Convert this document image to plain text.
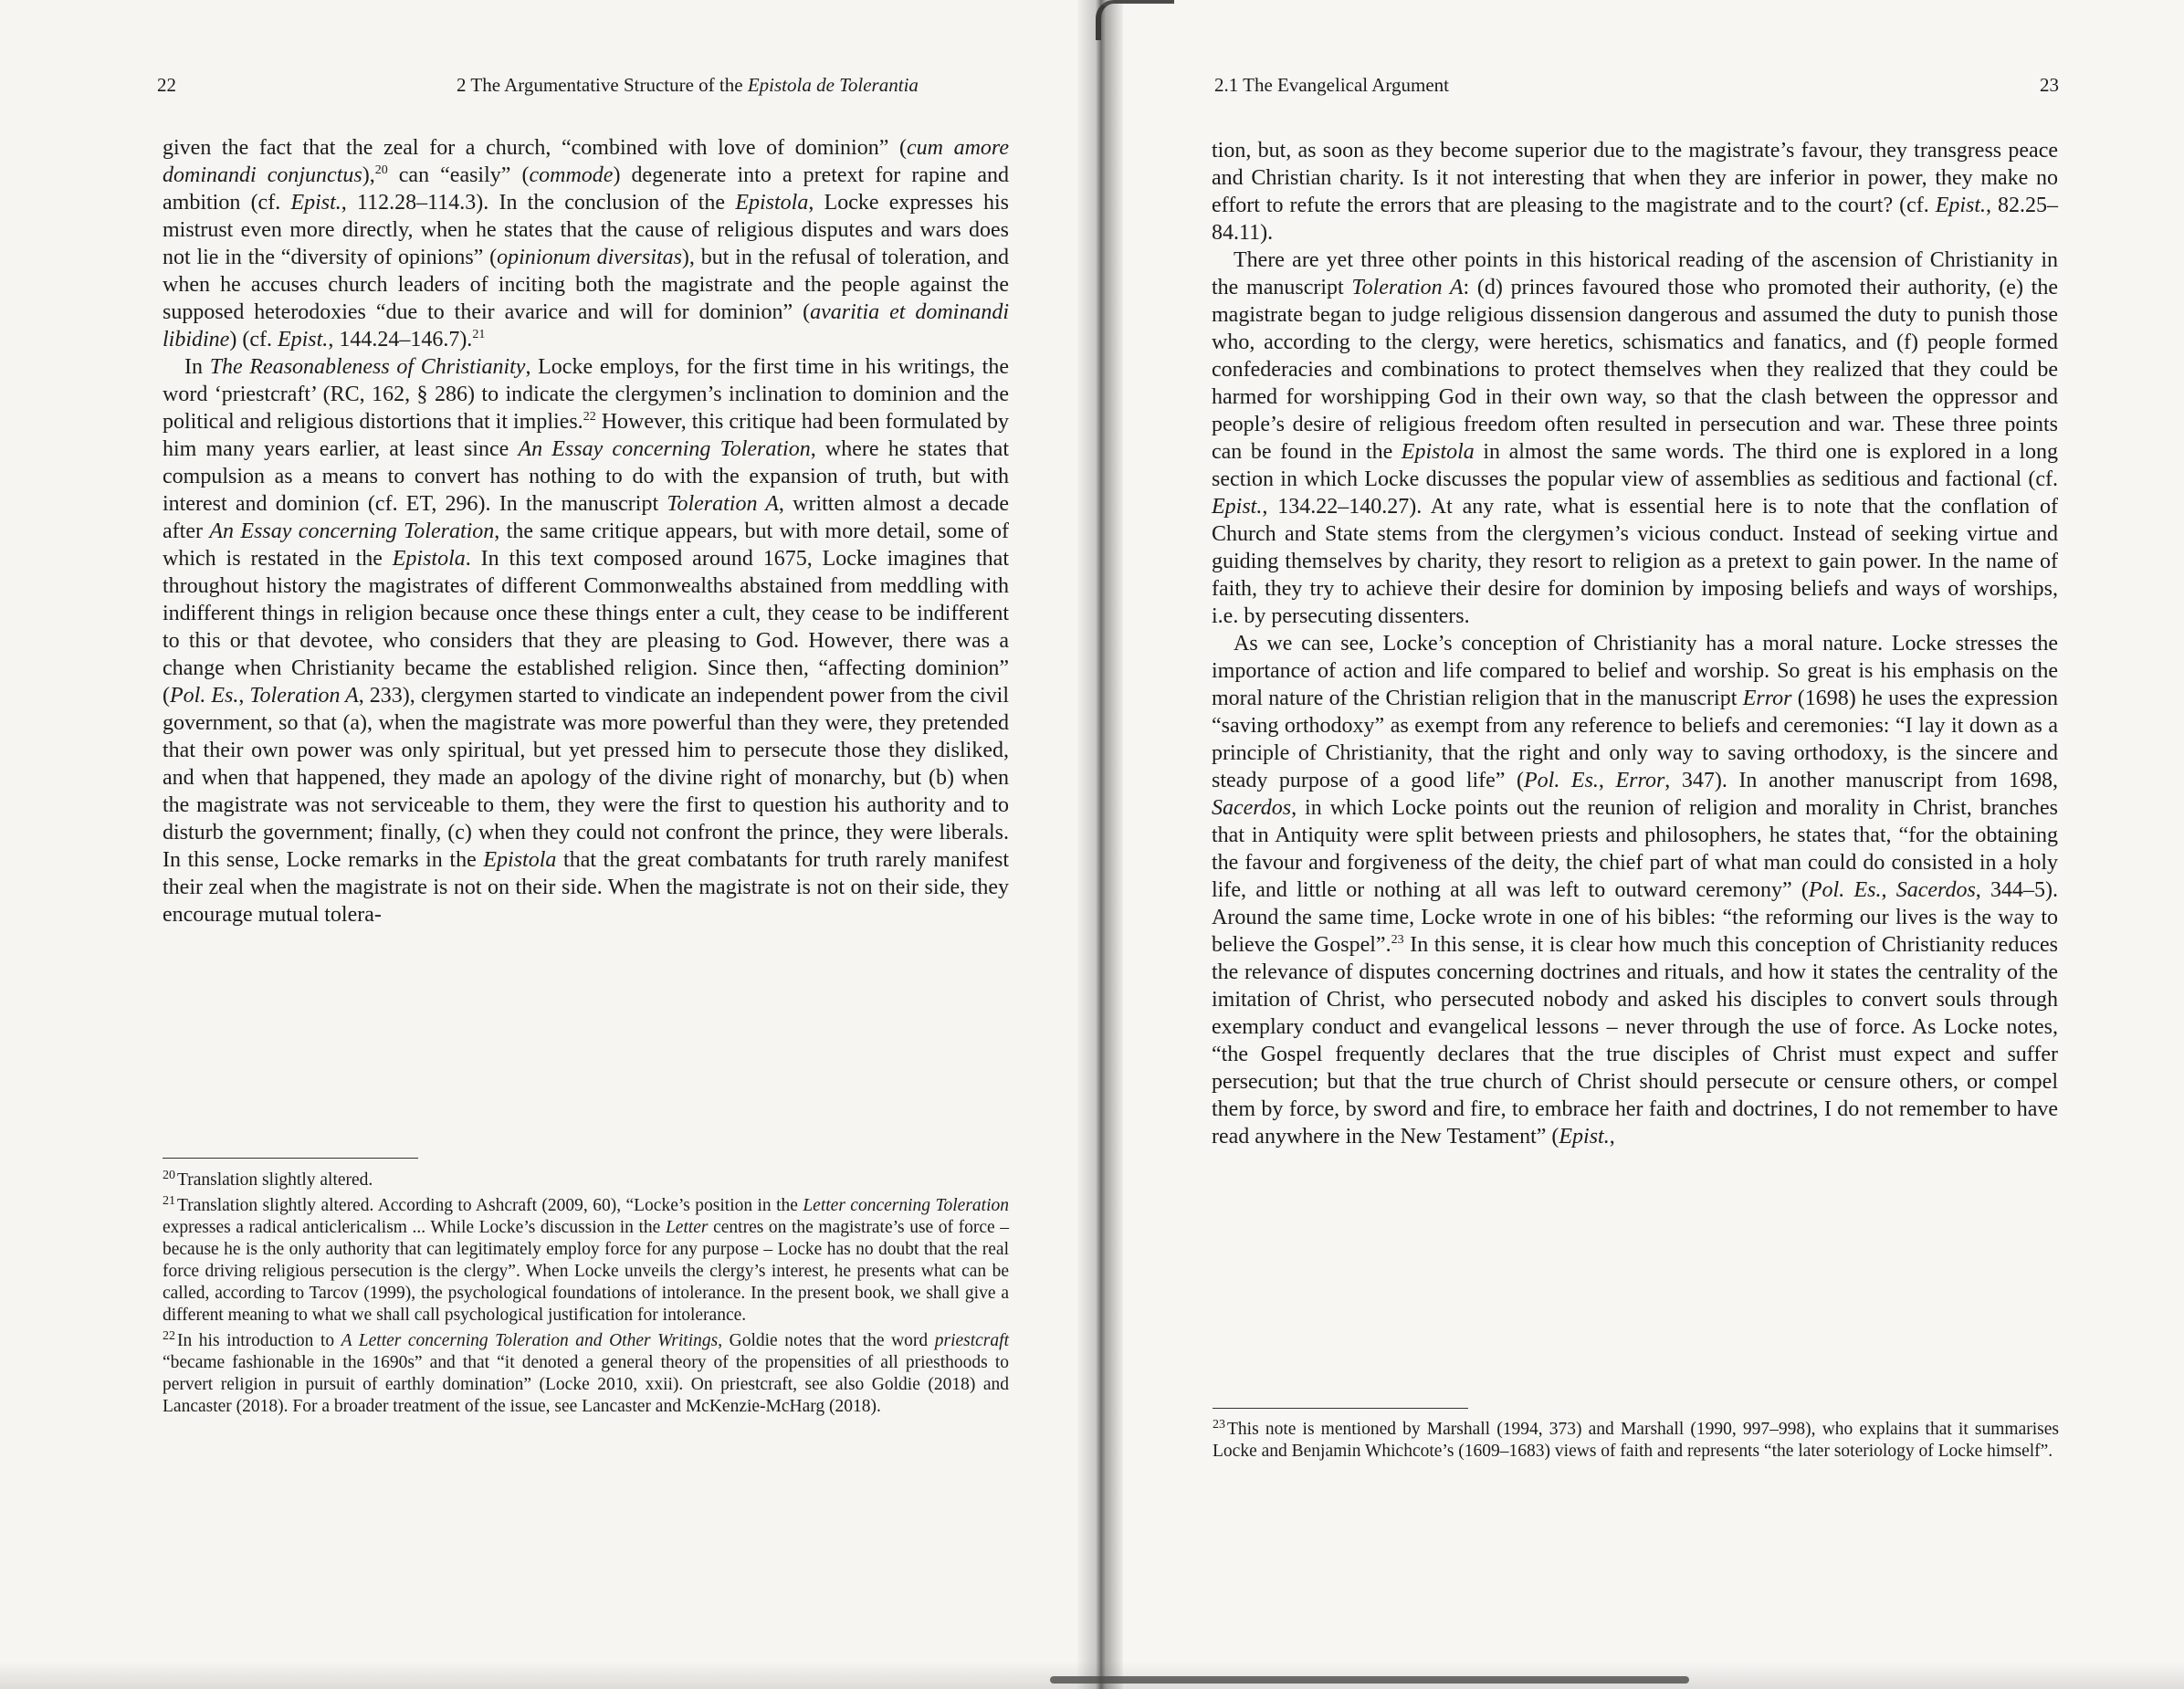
22	2 The Argumentative Structure of the Epistola de Tolerantia

given the fact that the zeal for a church, “combined with love of dominion” (cum amore dominandi conjunctus),$^{20}$ can “easily” (commode) degenerate into a pretext for rapine and ambition (cf. Epist., 112.28–114.3). In the conclusion of the Epistola, Locke expresses his mistrust even more directly, when he states that the cause of religious disputes and wars does not lie in the “diversity of opinions” (opinionum diversitas), but in the refusal of toleration, and when he accuses church leaders of inciting both the magistrate and the people against the supposed heterodoxies “due to their avarice and will for dominion” (avaritia et dominandi libidine) (cf. Epist., 144.24–146.7).$^{21}$

In The Reasonableness of Christianity, Locke employs, for the first time in his writings, the word ‘priestcraft’ (RC, 162, § 286) to indicate the clergymen’s inclination to dominion and the political and religious distortions that it implies.$^{22}$ However, this critique had been formulated by him many years earlier, at least since An Essay concerning Toleration, where he states that compulsion as a means to convert has nothing to do with the expansion of truth, but with interest and dominion (cf. ET, 296). In the manuscript Toleration A, written almost a decade after An Essay concerning Toleration, the same critique appears, but with more detail, some of which is restated in the Epistola. In this text composed around 1675, Locke imagines that throughout history the magistrates of different Commonwealths abstained from meddling with indifferent things in religion because once these things enter a cult, they cease to be indifferent to this or that devotee, who considers that they are pleasing to God. However, there was a change when Christianity became the established religion. Since then, “affecting dominion” (Pol. Es., Toleration A, 233), clergymen started to vindicate an independent power from the civil government, so that (a), when the magistrate was more powerful than they were, they pretended that their own power was only spiritual, but yet pressed him to persecute those they disliked, and when that happened, they made an apology of the divine right of monarchy, but (b) when the magistrate was not serviceable to them, they were the first to question his authority and to disturb the government; finally, (c) when they could not confront the prince, they were liberals. In this sense, Locke remarks in the Epistola that the great combatants for truth rarely manifest their zeal when the magistrate is not on their side. When the magistrate is not on their side, they encourage mutual tolera-

$^{20}$ Translation slightly altered.

$^{21}$ Translation slightly altered. According to Ashcraft (2009, 60), “Locke’s position in the Letter concerning Toleration expresses a radical anticlericalism ... While Locke’s discussion in the Letter centres on the magistrate’s use of force – because he is the only authority that can legitimately employ force for any purpose – Locke has no doubt that the real force driving religious persecution is the clergy”. When Locke unveils the clergy’s interest, he presents what can be called, according to Tarcov (1999), the psychological foundations of intolerance. In the present book, we shall give a different meaning to what we shall call psychological justification for intolerance.

$^{22}$ In his introduction to A Letter concerning Toleration and Other Writings, Goldie notes that the word priestcraft “became fashionable in the 1690s” and that “it denoted a general theory of the propensities of all priesthoods to pervert religion in pursuit of earthly domination” (Locke 2010, xxii). On priestcraft, see also Goldie (2018) and Lancaster (2018). For a broader treatment of the issue, see Lancaster and McKenzie-McHarg (2018).

2.1 The Evangelical Argument	23

tion, but, as soon as they become superior due to the magistrate’s favour, they transgress peace and Christian charity. Is it not interesting that when they are inferior in power, they make no effort to refute the errors that are pleasing to the magistrate and to the court? (cf. Epist., 82.25–84.11).

There are yet three other points in this historical reading of the ascension of Christianity in the manuscript Toleration A: (d) princes favoured those who promoted their authority, (e) the magistrate began to judge religious dissension dangerous and assumed the duty to punish those who, according to the clergy, were heretics, schismatics and fanatics, and (f) people formed confederacies and combinations to protect themselves when they realized that they could be harmed for worshipping God in their own way, so that the clash between the oppressor and people’s desire of religious freedom often resulted in persecution and war. These three points can be found in the Epistola in almost the same words. The third one is explored in a long section in which Locke discusses the popular view of assemblies as seditious and factional (cf. Epist., 134.22–140.27). At any rate, what is essential here is to note that the conflation of Church and State stems from the clergymen’s vicious conduct. Instead of seeking virtue and guiding themselves by charity, they resort to religion as a pretext to gain power. In the name of faith, they try to achieve their desire for dominion by imposing beliefs and ways of worships, i.e. by persecuting dissenters.

As we can see, Locke’s conception of Christianity has a moral nature. Locke stresses the importance of action and life compared to belief and worship. So great is his emphasis on the moral nature of the Christian religion that in the manuscript Error (1698) he uses the expression “saving orthodoxy” as exempt from any reference to beliefs and ceremonies: “I lay it down as a principle of Christianity, that the right and only way to saving orthodoxy, is the sincere and steady purpose of a good life” (Pol. Es., Error, 347). In another manuscript from 1698, Sacerdos, in which Locke points out the reunion of religion and morality in Christ, branches that in Antiquity were split between priests and philosophers, he states that, “for the obtaining the favour and forgiveness of the deity, the chief part of what man could do consisted in a holy life, and little or nothing at all was left to outward ceremony” (Pol. Es., Sacerdos, 344–5). Around the same time, Locke wrote in one of his bibles: “the reforming our lives is the way to believe the Gospel”.$^{23}$ In this sense, it is clear how much this conception of Christianity reduces the relevance of disputes concerning doctrines and rituals, and how it states the centrality of the imitation of Christ, who persecuted nobody and asked his disciples to convert souls through exemplary conduct and evangelical lessons – never through the use of force. As Locke notes, “the Gospel frequently declares that the true disciples of Christ must expect and suffer persecution; but that the true church of Christ should persecute or censure others, or compel them by force, by sword and fire, to embrace her faith and doctrines, I do not remember to have read anywhere in the New Testament” (Epist.,

$^{23}$ This note is mentioned by Marshall (1994, 373) and Marshall (1990, 997–998), who explains that it summarises Locke and Benjamin Whichcote’s (1609–1683) views of faith and represents “the later soteriology of Locke himself”.
